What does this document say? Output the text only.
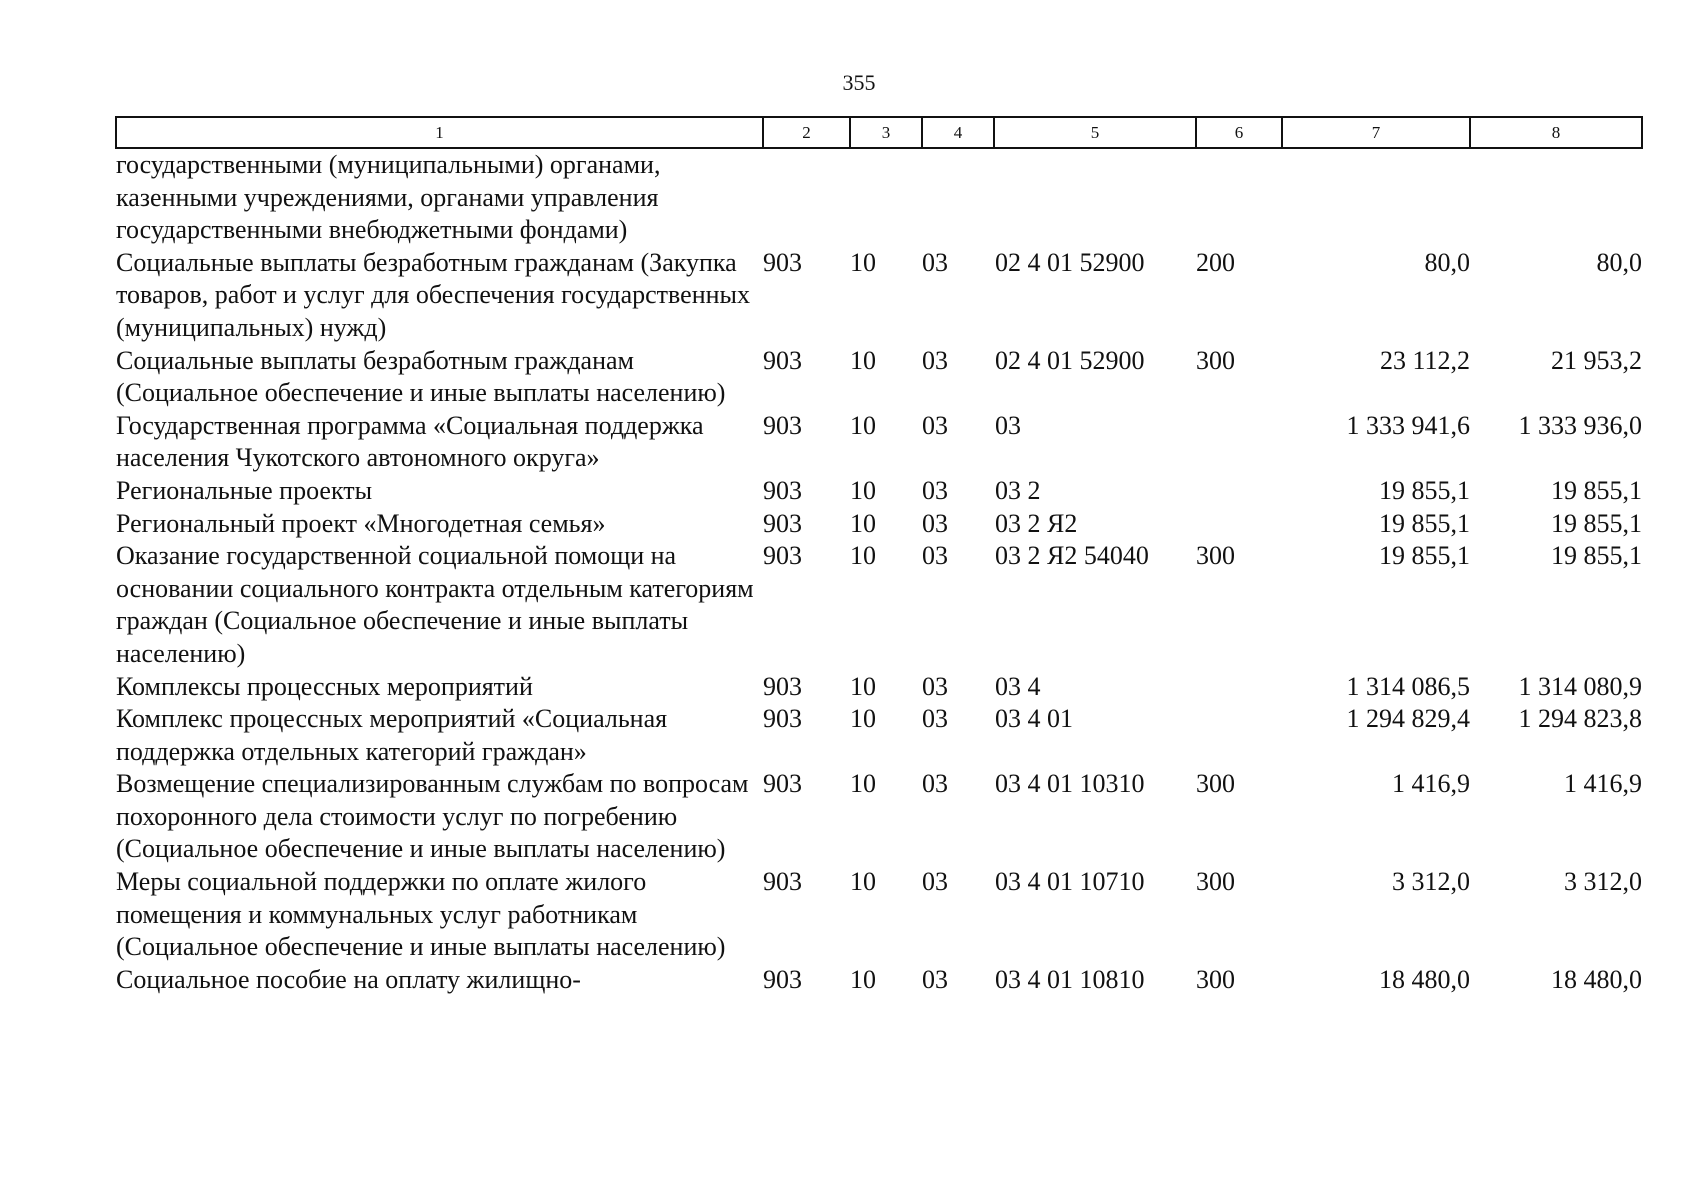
355
1	2	3	4	5	6	7	8
государственными (муниципальными) органами, казенными учреждениями, органами управления государственными внебюджетными фондами)							
Социальные выплаты безработным гражданам (Закупка товаров, работ и услуг для обеспечения государственных (муниципальных) нужд)	903	10	03	02 4 01 52900	200	80,0	80,0
Социальные выплаты безработным гражданам (Социальное обеспечение и иные выплаты населению)	903	10	03	02 4 01 52900	300	23 112,2	21 953,2
Государственная программа «Социальная поддержка населения Чукотского автономного округа»	903	10	03	03		1 333 941,6	1 333 936,0
Региональные проекты	903	10	03	03 2		19 855,1	19 855,1
Региональный проект «Многодетная семья»	903	10	03	03 2 Я2		19 855,1	19 855,1
Оказание государственной социальной помощи на основании социального контракта отдельным категориям граждан (Социальное обеспечение и иные выплаты населению)	903	10	03	03 2 Я2 54040	300	19 855,1	19 855,1
Комплексы процессных мероприятий	903	10	03	03 4		1 314 086,5	1 314 080,9
Комплекс процессных мероприятий «Социальная поддержка отдельных категорий граждан»	903	10	03	03 4 01		1 294 829,4	1 294 823,8
Возмещение специализированным службам по вопросам похоронного дела стоимости услуг по погребению (Социальное обеспечение и иные выплаты населению)	903	10	03	03 4 01 10310	300	1 416,9	1 416,9
Меры социальной поддержки по оплате жилого помещения и коммунальных услуг работникам (Социальное обеспечение и иные выплаты населению)	903	10	03	03 4 01 10710	300	3 312,0	3 312,0
Социальное пособие на оплату жилищно-	903	10	03	03 4 01 10810	300	18 480,0	18 480,0
